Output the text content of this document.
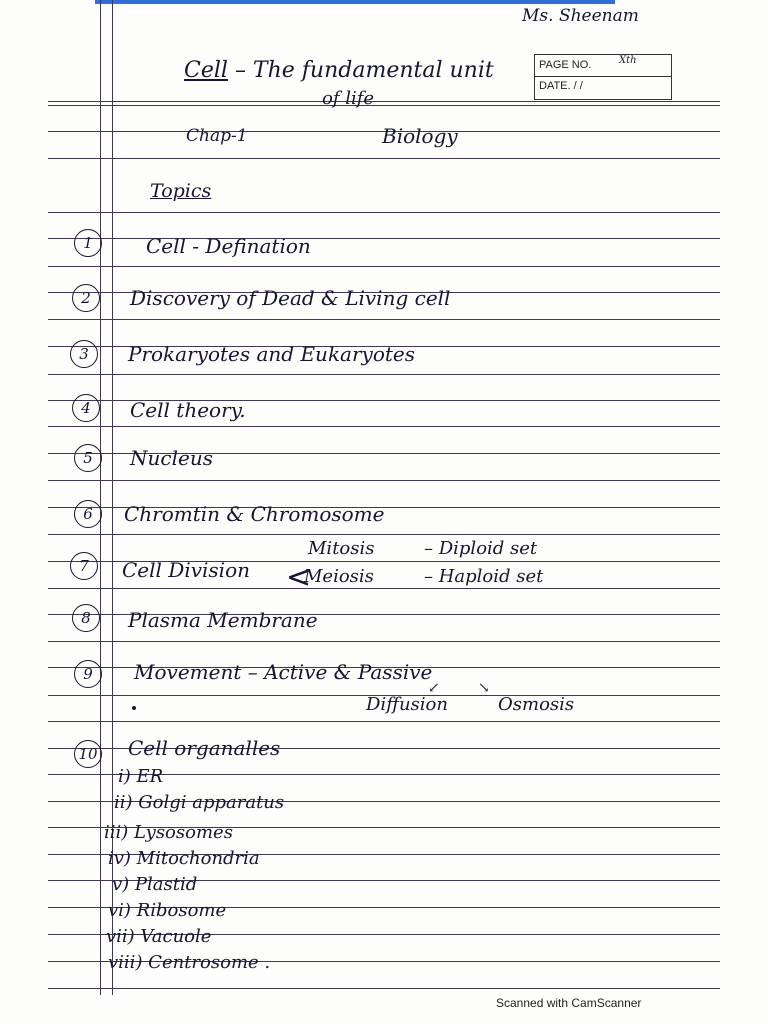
Ms. Sheenam
Cell – The fundamental unit
of life
PAGE NO.	Xth
DATE. / /
Chap-1	Biology
Topics
1	Cell - Defination
2	Discovery of Dead & Living cell
3	Prokaryotes and Eukaryotes
4	Cell theory.
5	Nucleus
6	Chromtin & Chromosome
7	Cell Division <
Mitosis	– Diploid set
Meiosis	– Haploid set
8	Plasma Membrane
9	Movement – Active & Passive
↙	↘
Diffusion	Osmosis
10 Cell organalles
i) ER
ii) Golgi apparatus
iii) Lysosomes
iv) Mitochondria
v) Plastid
vi) Ribosome
vii) Vacuole
viii) Centrosome .
Scanned with CamScanner
